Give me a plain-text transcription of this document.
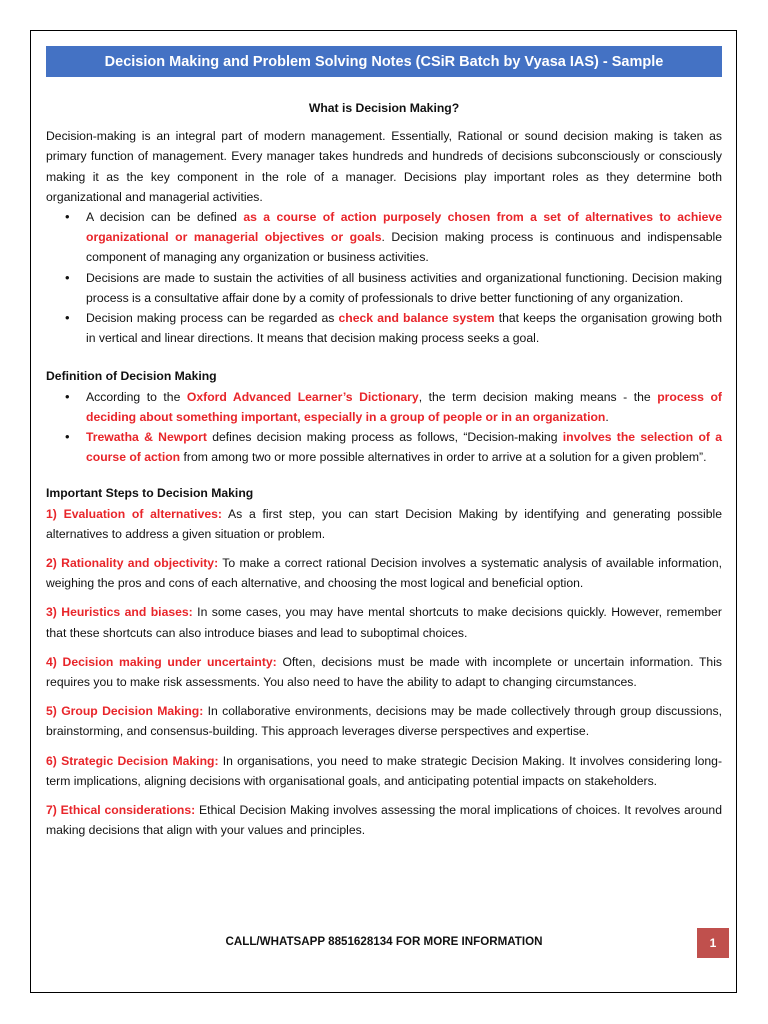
Decision Making and Problem Solving Notes (CSiR Batch by Vyasa IAS) - Sample

What is Decision Making?

Decision-making is an integral part of modern management. Essentially, Rational or sound decision making is taken as primary function of management. Every manager takes hundreds and hundreds of decisions subconsciously or consciously making it as the key component in the role of a manager. Decisions play important roles as they determine both organizational and managerial activities.

• A decision can be defined as a course of action purposely chosen from a set of alternatives to achieve organizational or managerial objectives or goals. Decision making process is continuous and indispensable component of managing any organization or business activities.
• Decisions are made to sustain the activities of all business activities and organizational functioning. Decision making process is a consultative affair done by a comity of professionals to drive better functioning of any organization.
• Decision making process can be regarded as check and balance system that keeps the organisation growing both in vertical and linear directions. It means that decision making process seeks a goal.

Definition of Decision Making

• According to the Oxford Advanced Learner’s Dictionary, the term decision making means - the process of deciding about something important, especially in a group of people or in an organization.
• Trewatha & Newport defines decision making process as follows, “Decision-making involves the selection of a course of action from among two or more possible alternatives in order to arrive at a solution for a given problem”.

Important Steps to Decision Making

1) Evaluation of alternatives: As a first step, you can start Decision Making by identifying and generating possible alternatives to address a given situation or problem.

2) Rationality and objectivity: To make a correct rational Decision involves a systematic analysis of available information, weighing the pros and cons of each alternative, and choosing the most logical and beneficial option.

3) Heuristics and biases: In some cases, you may have mental shortcuts to make decisions quickly. However, remember that these shortcuts can also introduce biases and lead to suboptimal choices.

4) Decision making under uncertainty: Often, decisions must be made with incomplete or uncertain information. This requires you to make risk assessments. You also need to have the ability to adapt to changing circumstances.

5) Group Decision Making: In collaborative environments, decisions may be made collectively through group discussions, brainstorming, and consensus-building. This approach leverages diverse perspectives and expertise.

6) Strategic Decision Making: In organisations, you need to make strategic Decision Making. It involves considering long-term implications, aligning decisions with organisational goals, and anticipating potential impacts on stakeholders.

7) Ethical considerations: Ethical Decision Making involves assessing the moral implications of choices. It revolves around making decisions that align with your values and principles.

CALL/WHATSAPP 8851628134 FOR MORE INFORMATION	1
